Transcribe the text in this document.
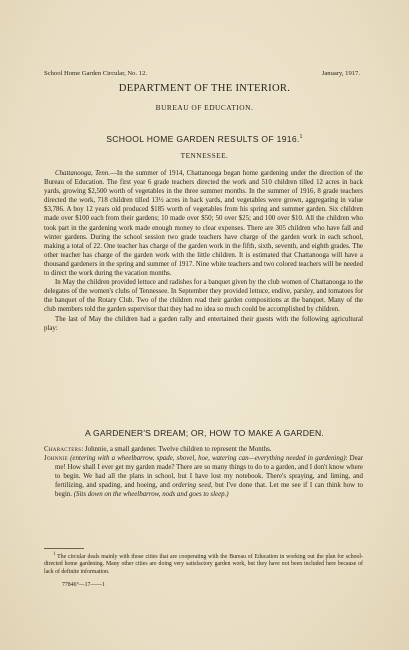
School Home Garden Circular, No. 12.	January, 1917.
DEPARTMENT OF THE INTERIOR.
BUREAU OF EDUCATION.
SCHOOL HOME GARDEN RESULTS OF 1916.$^1$
TENNESSEE.

Chattanooga, Tenn.—In the summer of 1914, Chattanooga began home gardening under the direction of the Bureau of Education. The first year 6 grade teachers directed the work and 510 children tilled 12 acres in back yards, growing $2,500 worth of vegetables in the three summer months. In the summer of 1916, 8 grade teachers directed the work, 718 children tilled 13½ acres in back yards, and vegetables were grown, aggregating in value $3,786. A boy 12 years old produced $185 worth of vegetables from his spring and summer garden. Six children made over $100 each from their gardens; 10 made over $50; 50 over $25; and 100 over $10. All the children who took part in the gardening work made enough money to clear expenses. There are 305 children who have fall and winter gardens. During the school session two grade teachers have charge of the garden work in each school, making a total of 22. One teacher has charge of the garden work in the fifth, sixth, seventh, and eighth grades. The other teacher has charge of the garden work with the little children. It is estimated that Chattanooga will have a thousand gardeners in the spring and summer of 1917. Nine white teachers and two colored teachers will be needed to direct the work during the vacation months.

In May the children provided lettuce and radishes for a banquet given by the club women of Chattanooga to the delegates of the women's clubs of Tennessee. In September they provided lettuce, endive, parsley, and tomatoes for the banquet of the Rotary Club. Two of the children read their garden compositions at the banquet. Many of the club members told the garden supervisor that they had no idea so much could be accomplished by children.

The last of May the children had a garden rally and entertained their guests with the following agricultural play:

A GARDENER'S DREAM; OR, HOW TO MAKE A GARDEN.

Characters: Johnnie, a small gardener. Twelve children to represent the Months.

Johnnie (entering with a wheelbarrow, spade, shovel, hoe, watering can—everything needed in gardening): Dear me! How shall I ever get my garden made? There are so many things to do to a garden, and I don't know where to begin. We had all the plans in school, but I have lost my notebook. There's spraying, and liming, and fertilizing, and spading, and hoeing, and ordering seed, but I've done that. Let me see if I can think how to begin. (Sits down on the wheelbarrow, nods and goes to sleep.)

$^1$ The circular deals mainly with those cities that are cooperating with the Bureau of Education in working out the plan for school-directed home gardening. Many other cities are doing very satisfactory garden work, but they have not been included here because of lack of definite information.

77846°—17——1
